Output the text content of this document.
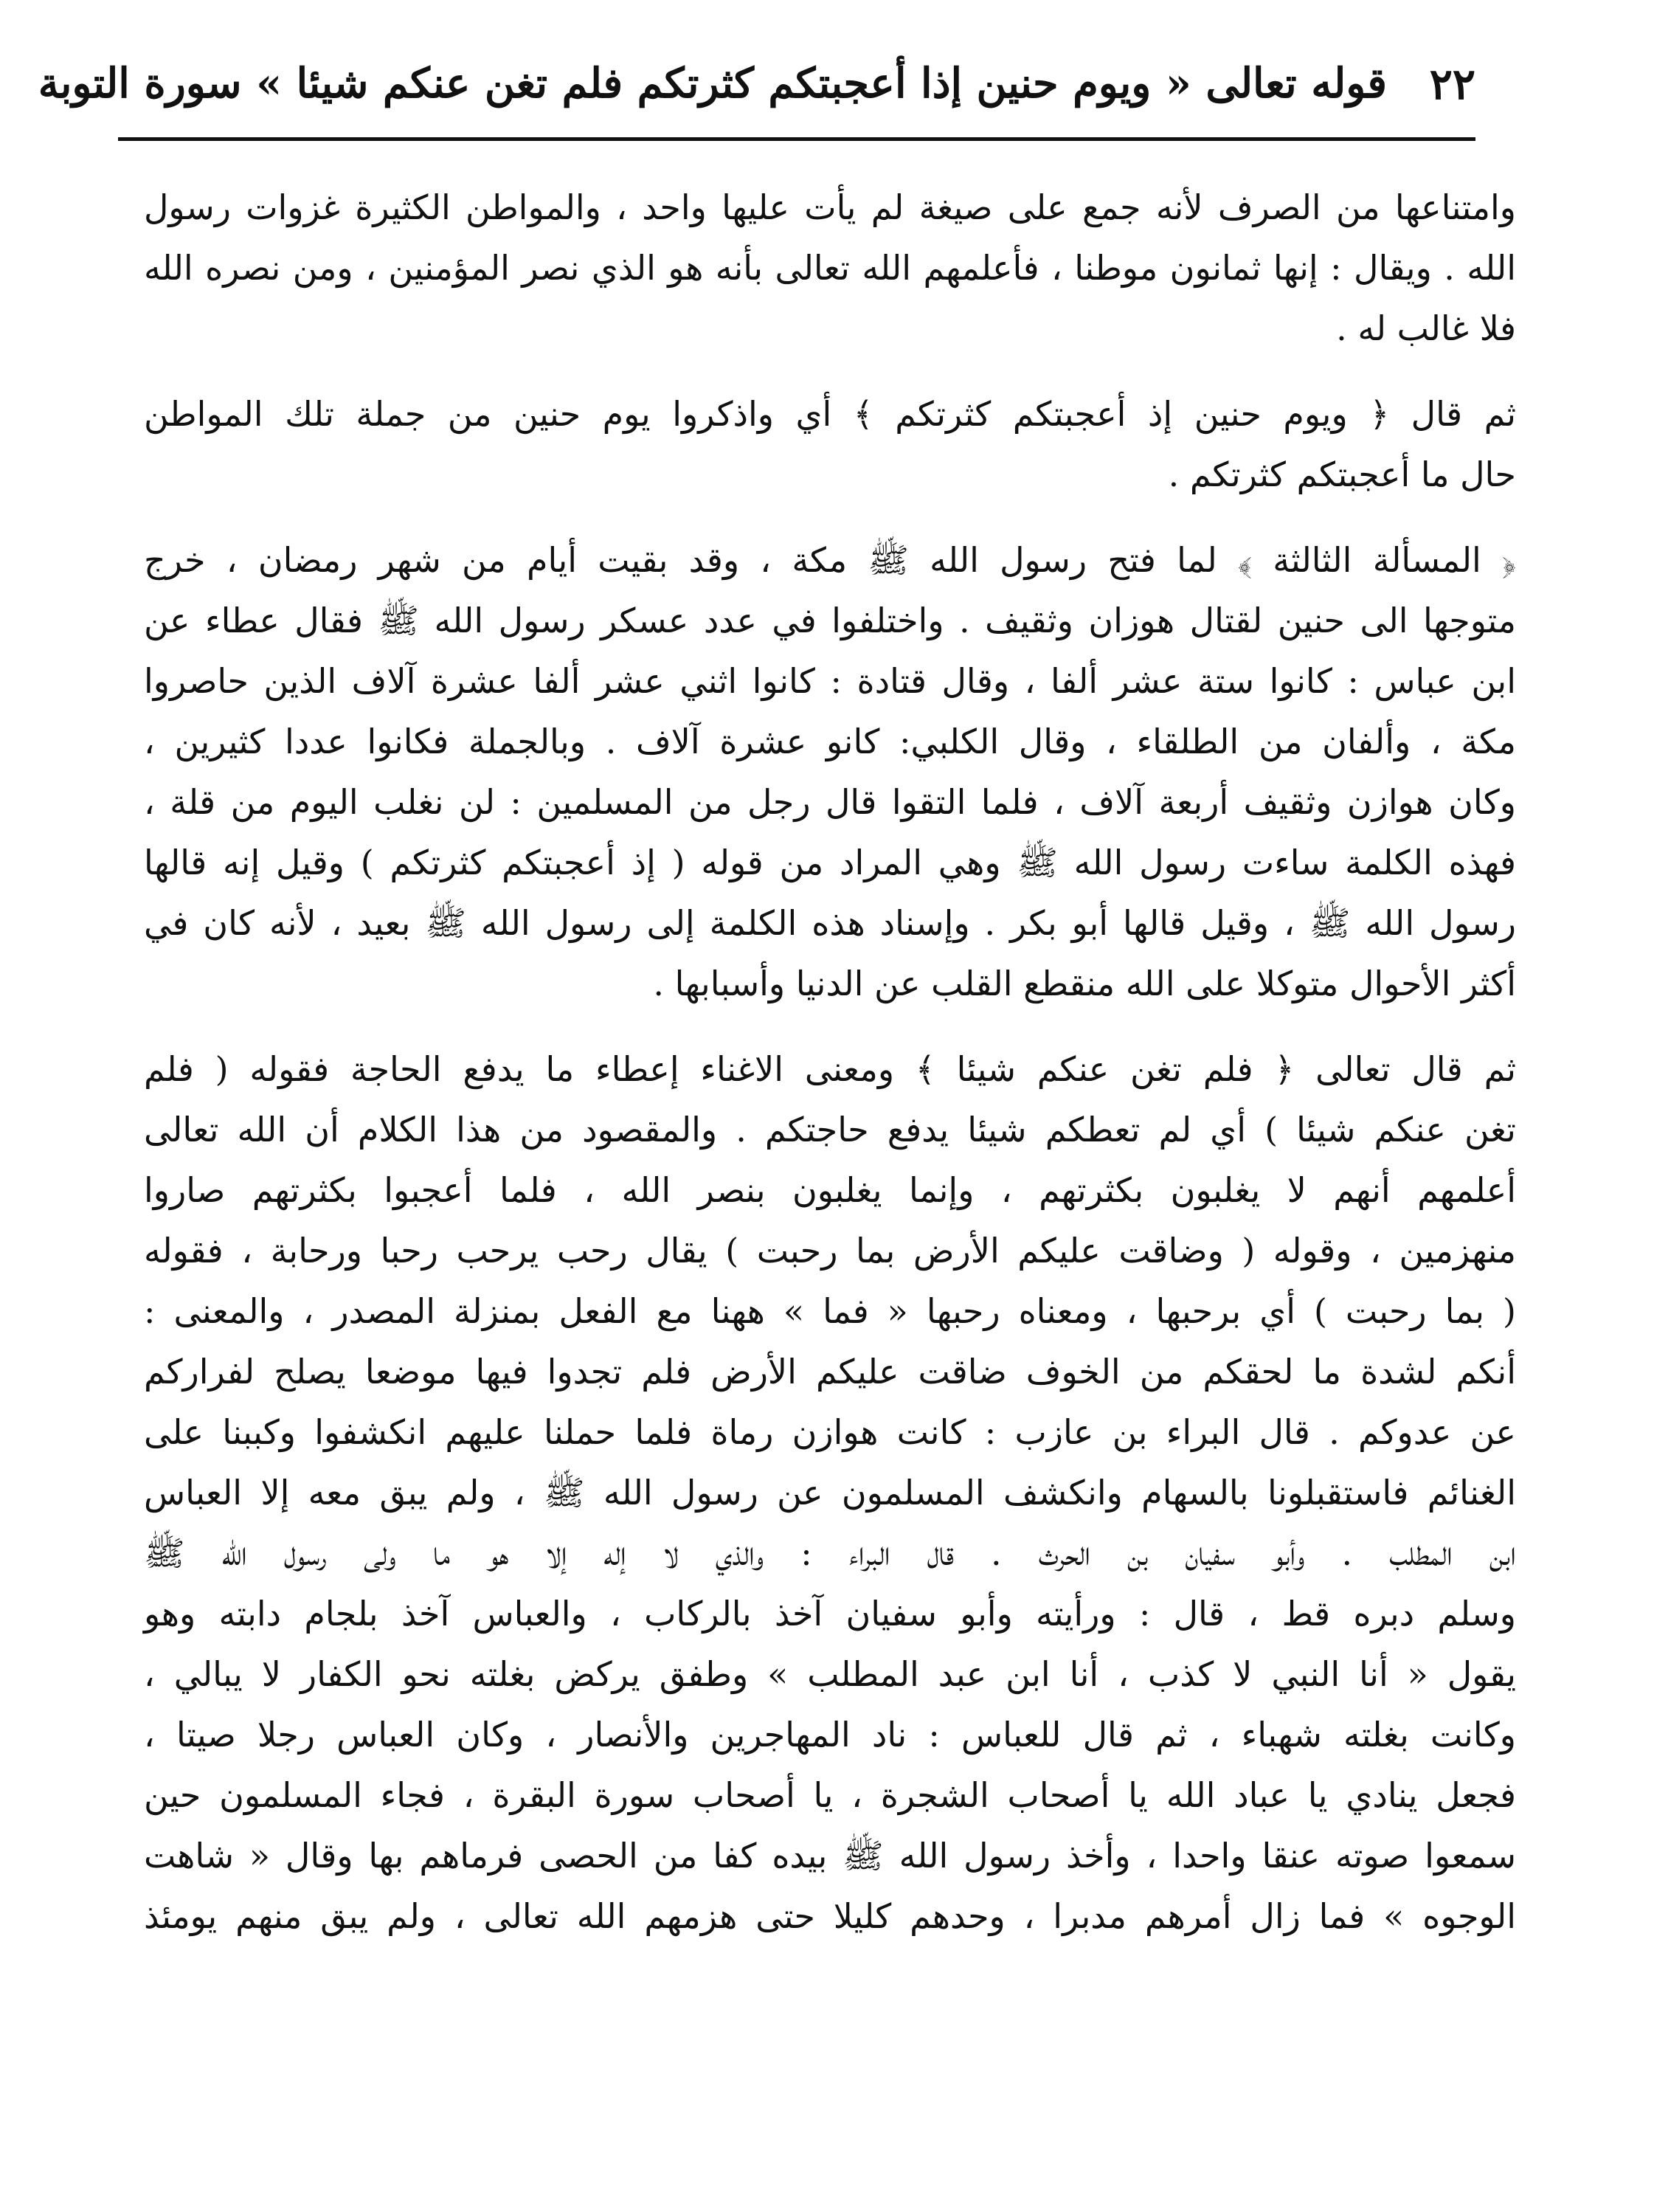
٢٢
قوله تعالى « ويوم حنين إذا أعجبتكم كثرتكم فلم تغن عنكم شيئا » سورة التوبة
وامتناعها من الصرف لأنه جمع على صيغة لم يأت عليها واحد ، والمواطن الكثيرة غزوات رسول
الله . ويقال : إنها ثمانون موطنا ، فأعلمهم الله تعالى بأنه هو الذي نصر المؤمنين ، ومن نصره الله
فلا غالب له .
ثم قال ﴿ ويوم حنين إذ أعجبتكم كثرتكم ﴾ أي واذكروا يوم حنين من جملة تلك المواطن
حال ما أعجبتكم كثرتكم .
﴿ المسألة الثالثة ﴾ لما فتح رسول الله ﷺ مكة ، وقد بقيت أيام من شهر رمضان ، خرج
متوجها الى حنين لقتال هوزان وثقيف . واختلفوا في عدد عسكر رسول الله ﷺ فقال عطاء عن
ابن عباس : كانوا ستة عشر ألفا ، وقال قتادة : كانوا اثني عشر ألفا عشرة آلاف الذين حاصروا
مكة ، وألفان من الطلقاء ، وقال الكلبي: كانو عشرة آلاف . وبالجملة فكانوا عددا كثيرين ،
وكان هوازن وثقيف أربعة آلاف ، فلما التقوا قال رجل من المسلمين : لن نغلب اليوم من قلة ،
فهذه الكلمة ساءت رسول الله ﷺ وهي المراد من قوله ( إذ أعجبتكم كثرتكم ) وقيل إنه قالها
رسول الله ﷺ ، وقيل قالها أبو بكر . وإسناد هذه الكلمة إلى رسول الله ﷺ بعيد ، لأنه كان في
أكثر الأحوال متوكلا على الله منقطع القلب عن الدنيا وأسبابها .
ثم قال تعالى ﴿ فلم تغن عنكم شيئا ﴾ ومعنى الاغناء إعطاء ما يدفع الحاجة فقوله ( فلم
تغن عنكم شيئا ) أي لم تعطكم شيئا يدفع حاجتكم . والمقصود من هذا الكلام أن الله تعالى
أعلمهم أنهم لا يغلبون بكثرتهم ، وإنما يغلبون بنصر الله ، فلما أعجبوا بكثرتهم صاروا
منهزمين ، وقوله ( وضاقت عليكم الأرض بما رحبت ) يقال رحب يرحب رحبا ورحابة ، فقوله
( بما رحبت ) أي برحبها ، ومعناه رحبها « فما » ههنا مع الفعل بمنزلة المصدر ، والمعنى :
أنكم لشدة ما لحقكم من الخوف ضاقت عليكم الأرض فلم تجدوا فيها موضعا يصلح لفراركم
عن عدوكم . قال البراء بن عازب : كانت هوازن رماة فلما حملنا عليهم انكشفوا وكببنا على
الغنائم فاستقبلونا بالسهام وانكشف المسلمون عن رسول الله ﷺ ، ولم يبق معه إلا العباس
ابن المطلب . وأبو سفيان بن الحرث . قال البراء : والذي لا إله إلا هو ما ولى رسول الله ﷺ
وسلم دبره قط ، قال : ورأيته وأبو سفيان آخذ بالركاب ، والعباس آخذ بلجام دابته وهو
يقول « أنا النبي لا كذب ، أنا ابن عبد المطلب » وطفق يركض بغلته نحو الكفار لا يبالي ،
وكانت بغلته شهباء ، ثم قال للعباس : ناد المهاجرين والأنصار ، وكان العباس رجلا صيتا ،
فجعل ينادي يا عباد الله يا أصحاب الشجرة ، يا أصحاب سورة البقرة ، فجاء المسلمون حين
سمعوا صوته عنقا واحدا ، وأخذ رسول الله ﷺ بيده كفا من الحصى فرماهم بها وقال « شاهت
الوجوه » فما زال أمرهم مدبرا ، وحدهم كليلا حتى هزمهم الله تعالى ، ولم يبق منهم يومئذ
